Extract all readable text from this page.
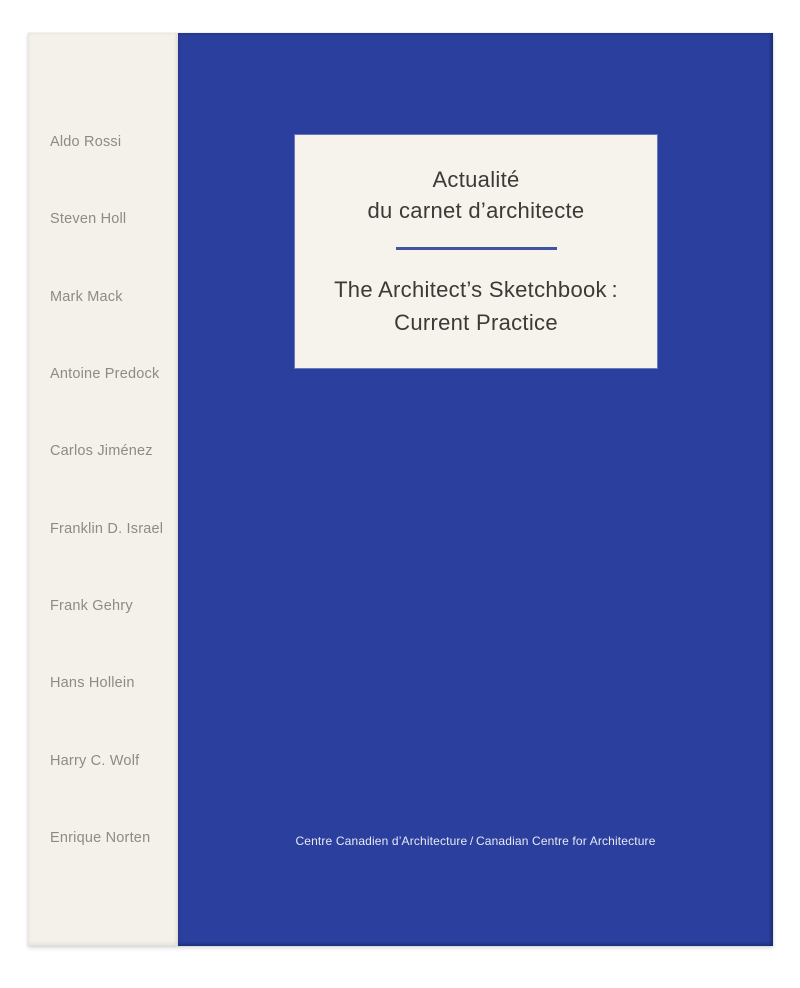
Aldo Rossi
Steven Holl
Mark Mack
Antoine Predock
Carlos Jiménez
Franklin D. Israel
Frank Gehry
Hans Hollein
Harry C. Wolf
Enrique Norten
Actualité
du carnet d’architecte
The Architect’s Sketchbook :
Current Practice
Centre Canadien d’Architecture / Canadian Centre for Architecture
